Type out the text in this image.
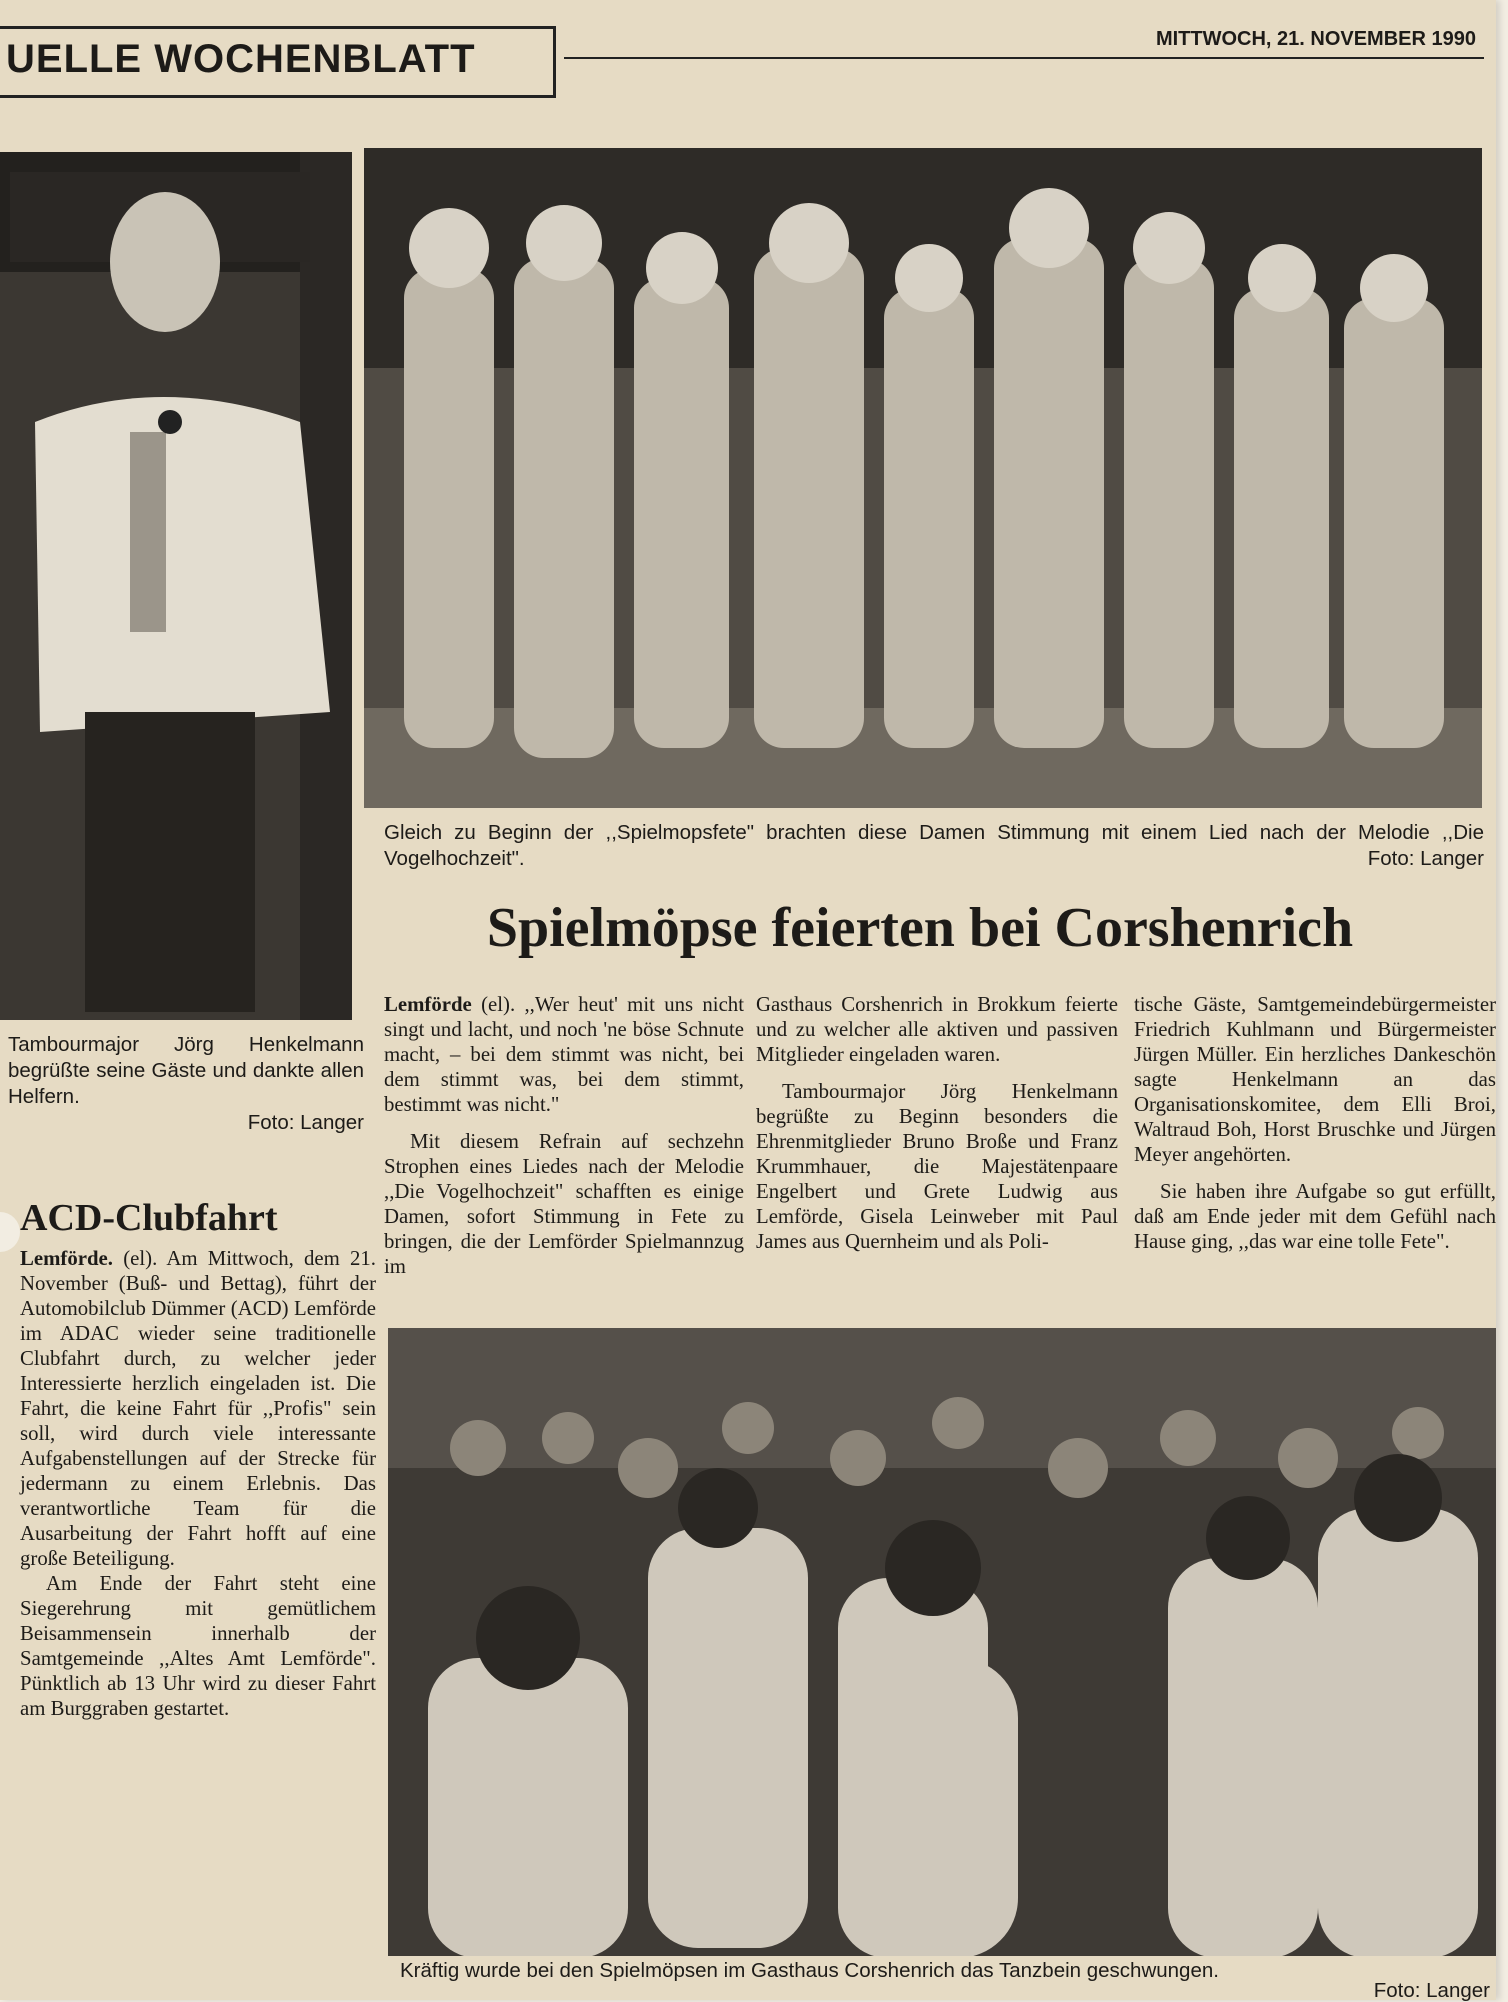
UELLE WOCHENBLATT	MITTWOCH, 21. NOVEMBER 1990
Tambourmajor Jörg Henkelmann begrüßte seine Gäste und dankte allen Helfern.
Foto: Langer
Gleich zu Beginn der ,,Spielmopsfete" brachten diese Damen Stimmung mit einem Lied nach der Melodie ,,Die Vogelhochzeit".	Foto: Langer
Spielmöpse feierten bei Corshenrich

Lemförde (el). ,,Wer heut' mit uns nicht singt und lacht, und noch 'ne böse Schnute macht, – bei dem stimmt was nicht, bei dem stimmt was, bei dem stimmt, bestimmt was nicht."

Mit diesem Refrain auf sechzehn Strophen eines Liedes nach der Melodie ,,Die Vogelhochzeit" schafften es einige Damen, sofort Stimmung in Fete zu bringen, die der Lemförder Spielmannzug im

Gasthaus Corshenrich in Brokkum feierte und zu welcher alle aktiven und passiven Mitglieder eingeladen waren.

Tambourmajor Jörg Henkelmann begrüßte zu Beginn besonders die Ehrenmitglieder Bruno Broße und Franz Krummhauer, die Majestätenpaare Engelbert und Grete Ludwig aus Lemförde, Gisela Leinweber mit Paul James aus Quernheim und als Poli-

tische Gäste, Samtgemeindebürgermeister Friedrich Kuhlmann und Bürgermeister Jürgen Müller. Ein herzliches Dankeschön sagte Henkelmann an das Organisationskomitee, dem Elli Broi, Waltraud Boh, Horst Bruschke und Jürgen Meyer angehörten.

Sie haben ihre Aufgabe so gut erfüllt, daß am Ende jeder mit dem Gefühl nach Hause ging, ,,das war eine tolle Fete".

ACD-Clubfahrt

Lemförde. (el). Am Mittwoch, dem 21. November (Buß- und Bettag), führt der Automobilclub Dümmer (ACD) Lemförde im ADAC wieder seine traditionelle Clubfahrt durch, zu welcher jeder Interessierte herzlich eingeladen ist. Die Fahrt, die keine Fahrt für ,,Profis" sein soll, wird durch viele interessante Aufgabenstellungen auf der Strecke für jedermann zu einem Erlebnis. Das verantwortliche Team für die Ausarbeitung der Fahrt hofft auf eine große Beteiligung.

Am Ende der Fahrt steht eine Siegerehrung mit gemütlichem Beisammensein innerhalb der Samtgemeinde ,,Altes Amt Lemförde". Pünktlich ab 13 Uhr wird zu dieser Fahrt am Burggraben gestartet.

Kräftig wurde bei den Spielmöpsen im Gasthaus Corshenrich das Tanzbein geschwungen.
Foto: Langer
